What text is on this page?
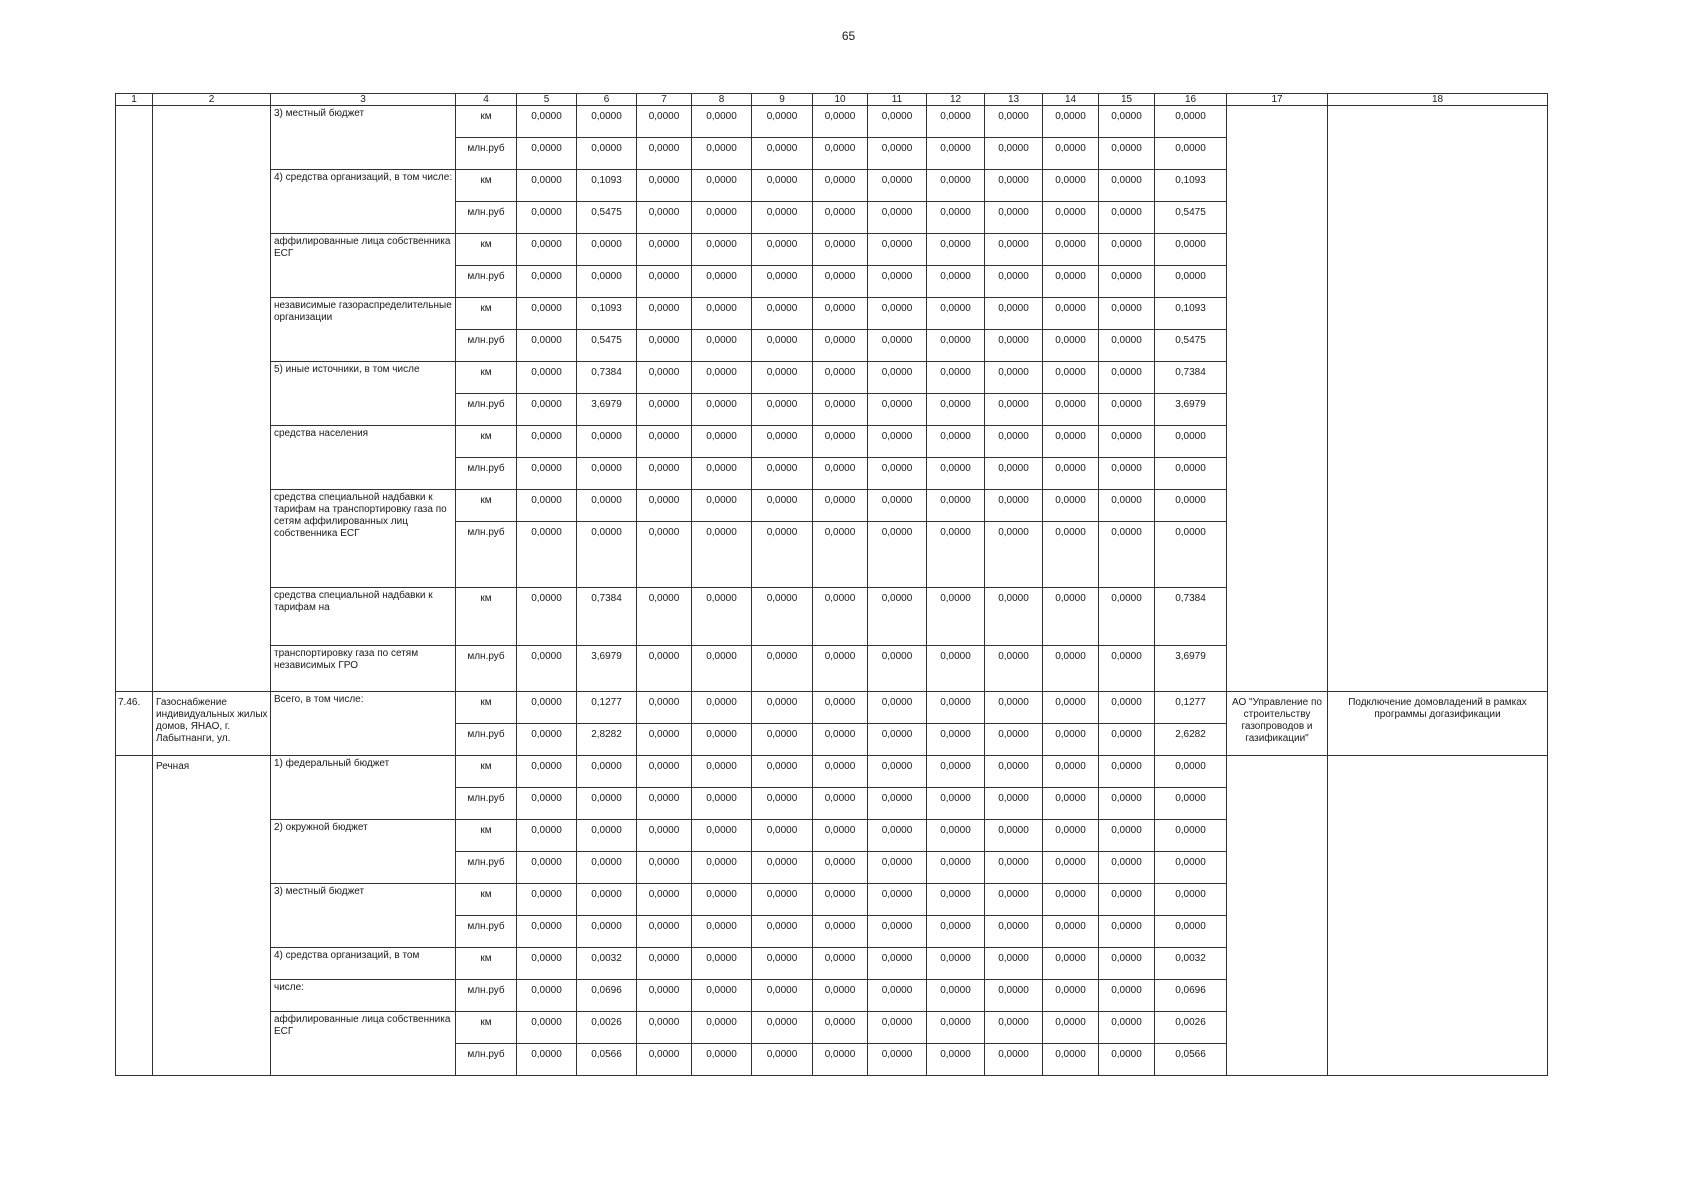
65
1	2	3	4	5	6	7	8	9	10	11	12	13	14	15	16	17	18
		3) местный бюджет	км	0,0000	0,0000	0,0000	0,0000	0,0000	0,0000	0,0000	0,0000	0,0000	0,0000	0,0000	0,0000		
			млн.руб	0,0000	0,0000	0,0000	0,0000	0,0000	0,0000	0,0000	0,0000	0,0000	0,0000	0,0000	0,0000		
		4) средства организаций, в том числе:	км	0,0000	0,1093	0,0000	0,0000	0,0000	0,0000	0,0000	0,0000	0,0000	0,0000	0,0000	0,1093		
			млн.руб	0,0000	0,5475	0,0000	0,0000	0,0000	0,0000	0,0000	0,0000	0,0000	0,0000	0,0000	0,5475		
		аффилированные лица собственника ЕСГ	км	0,0000	0,0000	0,0000	0,0000	0,0000	0,0000	0,0000	0,0000	0,0000	0,0000	0,0000	0,0000		
			млн.руб	0,0000	0,0000	0,0000	0,0000	0,0000	0,0000	0,0000	0,0000	0,0000	0,0000	0,0000	0,0000		
		независимые газораспределительные организации	км	0,0000	0,1093	0,0000	0,0000	0,0000	0,0000	0,0000	0,0000	0,0000	0,0000	0,0000	0,1093		
			млн.руб	0,0000	0,5475	0,0000	0,0000	0,0000	0,0000	0,0000	0,0000	0,0000	0,0000	0,0000	0,5475		
		5) иные источники, в том числе	км	0,0000	0,7384	0,0000	0,0000	0,0000	0,0000	0,0000	0,0000	0,0000	0,0000	0,0000	0,7384		
			млн.руб	0,0000	3,6979	0,0000	0,0000	0,0000	0,0000	0,0000	0,0000	0,0000	0,0000	0,0000	3,6979		
		средства населения	км	0,0000	0,0000	0,0000	0,0000	0,0000	0,0000	0,0000	0,0000	0,0000	0,0000	0,0000	0,0000		
			млн.руб	0,0000	0,0000	0,0000	0,0000	0,0000	0,0000	0,0000	0,0000	0,0000	0,0000	0,0000	0,0000		
		средства специальной надбавки к тарифам на транспортировку газа по сетям аффилированных лиц собственника ЕСГ	км	0,0000	0,0000	0,0000	0,0000	0,0000	0,0000	0,0000	0,0000	0,0000	0,0000	0,0000	0,0000		
			млн.руб	0,0000	0,0000	0,0000	0,0000	0,0000	0,0000	0,0000	0,0000	0,0000	0,0000	0,0000	0,0000		
		средства специальной надбавки к тарифам на	км	0,0000	0,7384	0,0000	0,0000	0,0000	0,0000	0,0000	0,0000	0,0000	0,0000	0,0000	0,7384		
		транспортировку газа по сетям независимых ГРО	млн.руб	0,0000	3,6979	0,0000	0,0000	0,0000	0,0000	0,0000	0,0000	0,0000	0,0000	0,0000	3,6979		
7.46.	Газоснабжение индивидуальных жилых домов, ЯНАО, г. Лабытнанги, ул.	Всего, в том числе:	км	0,0000	0,1277	0,0000	0,0000	0,0000	0,0000	0,0000	0,0000	0,0000	0,0000	0,0000	0,1277	АО "Управление по строительству газопроводов и газификации"	Подключение домовладений в рамках программы догазификации
			млн.руб	0,0000	2,8282	0,0000	0,0000	0,0000	0,0000	0,0000	0,0000	0,0000	0,0000	0,0000	2,6282		
	Речная	1) федеральный бюджет	км	0,0000	0,0000	0,0000	0,0000	0,0000	0,0000	0,0000	0,0000	0,0000	0,0000	0,0000	0,0000		
			млн.руб	0,0000	0,0000	0,0000	0,0000	0,0000	0,0000	0,0000	0,0000	0,0000	0,0000	0,0000	0,0000		
		2) окружной бюджет	км	0,0000	0,0000	0,0000	0,0000	0,0000	0,0000	0,0000	0,0000	0,0000	0,0000	0,0000	0,0000		
			млн.руб	0,0000	0,0000	0,0000	0,0000	0,0000	0,0000	0,0000	0,0000	0,0000	0,0000	0,0000	0,0000		
		3) местный бюджет	км	0,0000	0,0000	0,0000	0,0000	0,0000	0,0000	0,0000	0,0000	0,0000	0,0000	0,0000	0,0000		
			млн.руб	0,0000	0,0000	0,0000	0,0000	0,0000	0,0000	0,0000	0,0000	0,0000	0,0000	0,0000	0,0000		
		4) средства организаций, в том	км	0,0000	0,0032	0,0000	0,0000	0,0000	0,0000	0,0000	0,0000	0,0000	0,0000	0,0000	0,0032		
		числе:	млн.руб	0,0000	0,0696	0,0000	0,0000	0,0000	0,0000	0,0000	0,0000	0,0000	0,0000	0,0000	0,0696		
		аффилированные лица собственника ЕСГ	км	0,0000	0,0026	0,0000	0,0000	0,0000	0,0000	0,0000	0,0000	0,0000	0,0000	0,0000	0,0026		
			млн.руб	0,0000	0,0566	0,0000	0,0000	0,0000	0,0000	0,0000	0,0000	0,0000	0,0000	0,0000	0,0566		
